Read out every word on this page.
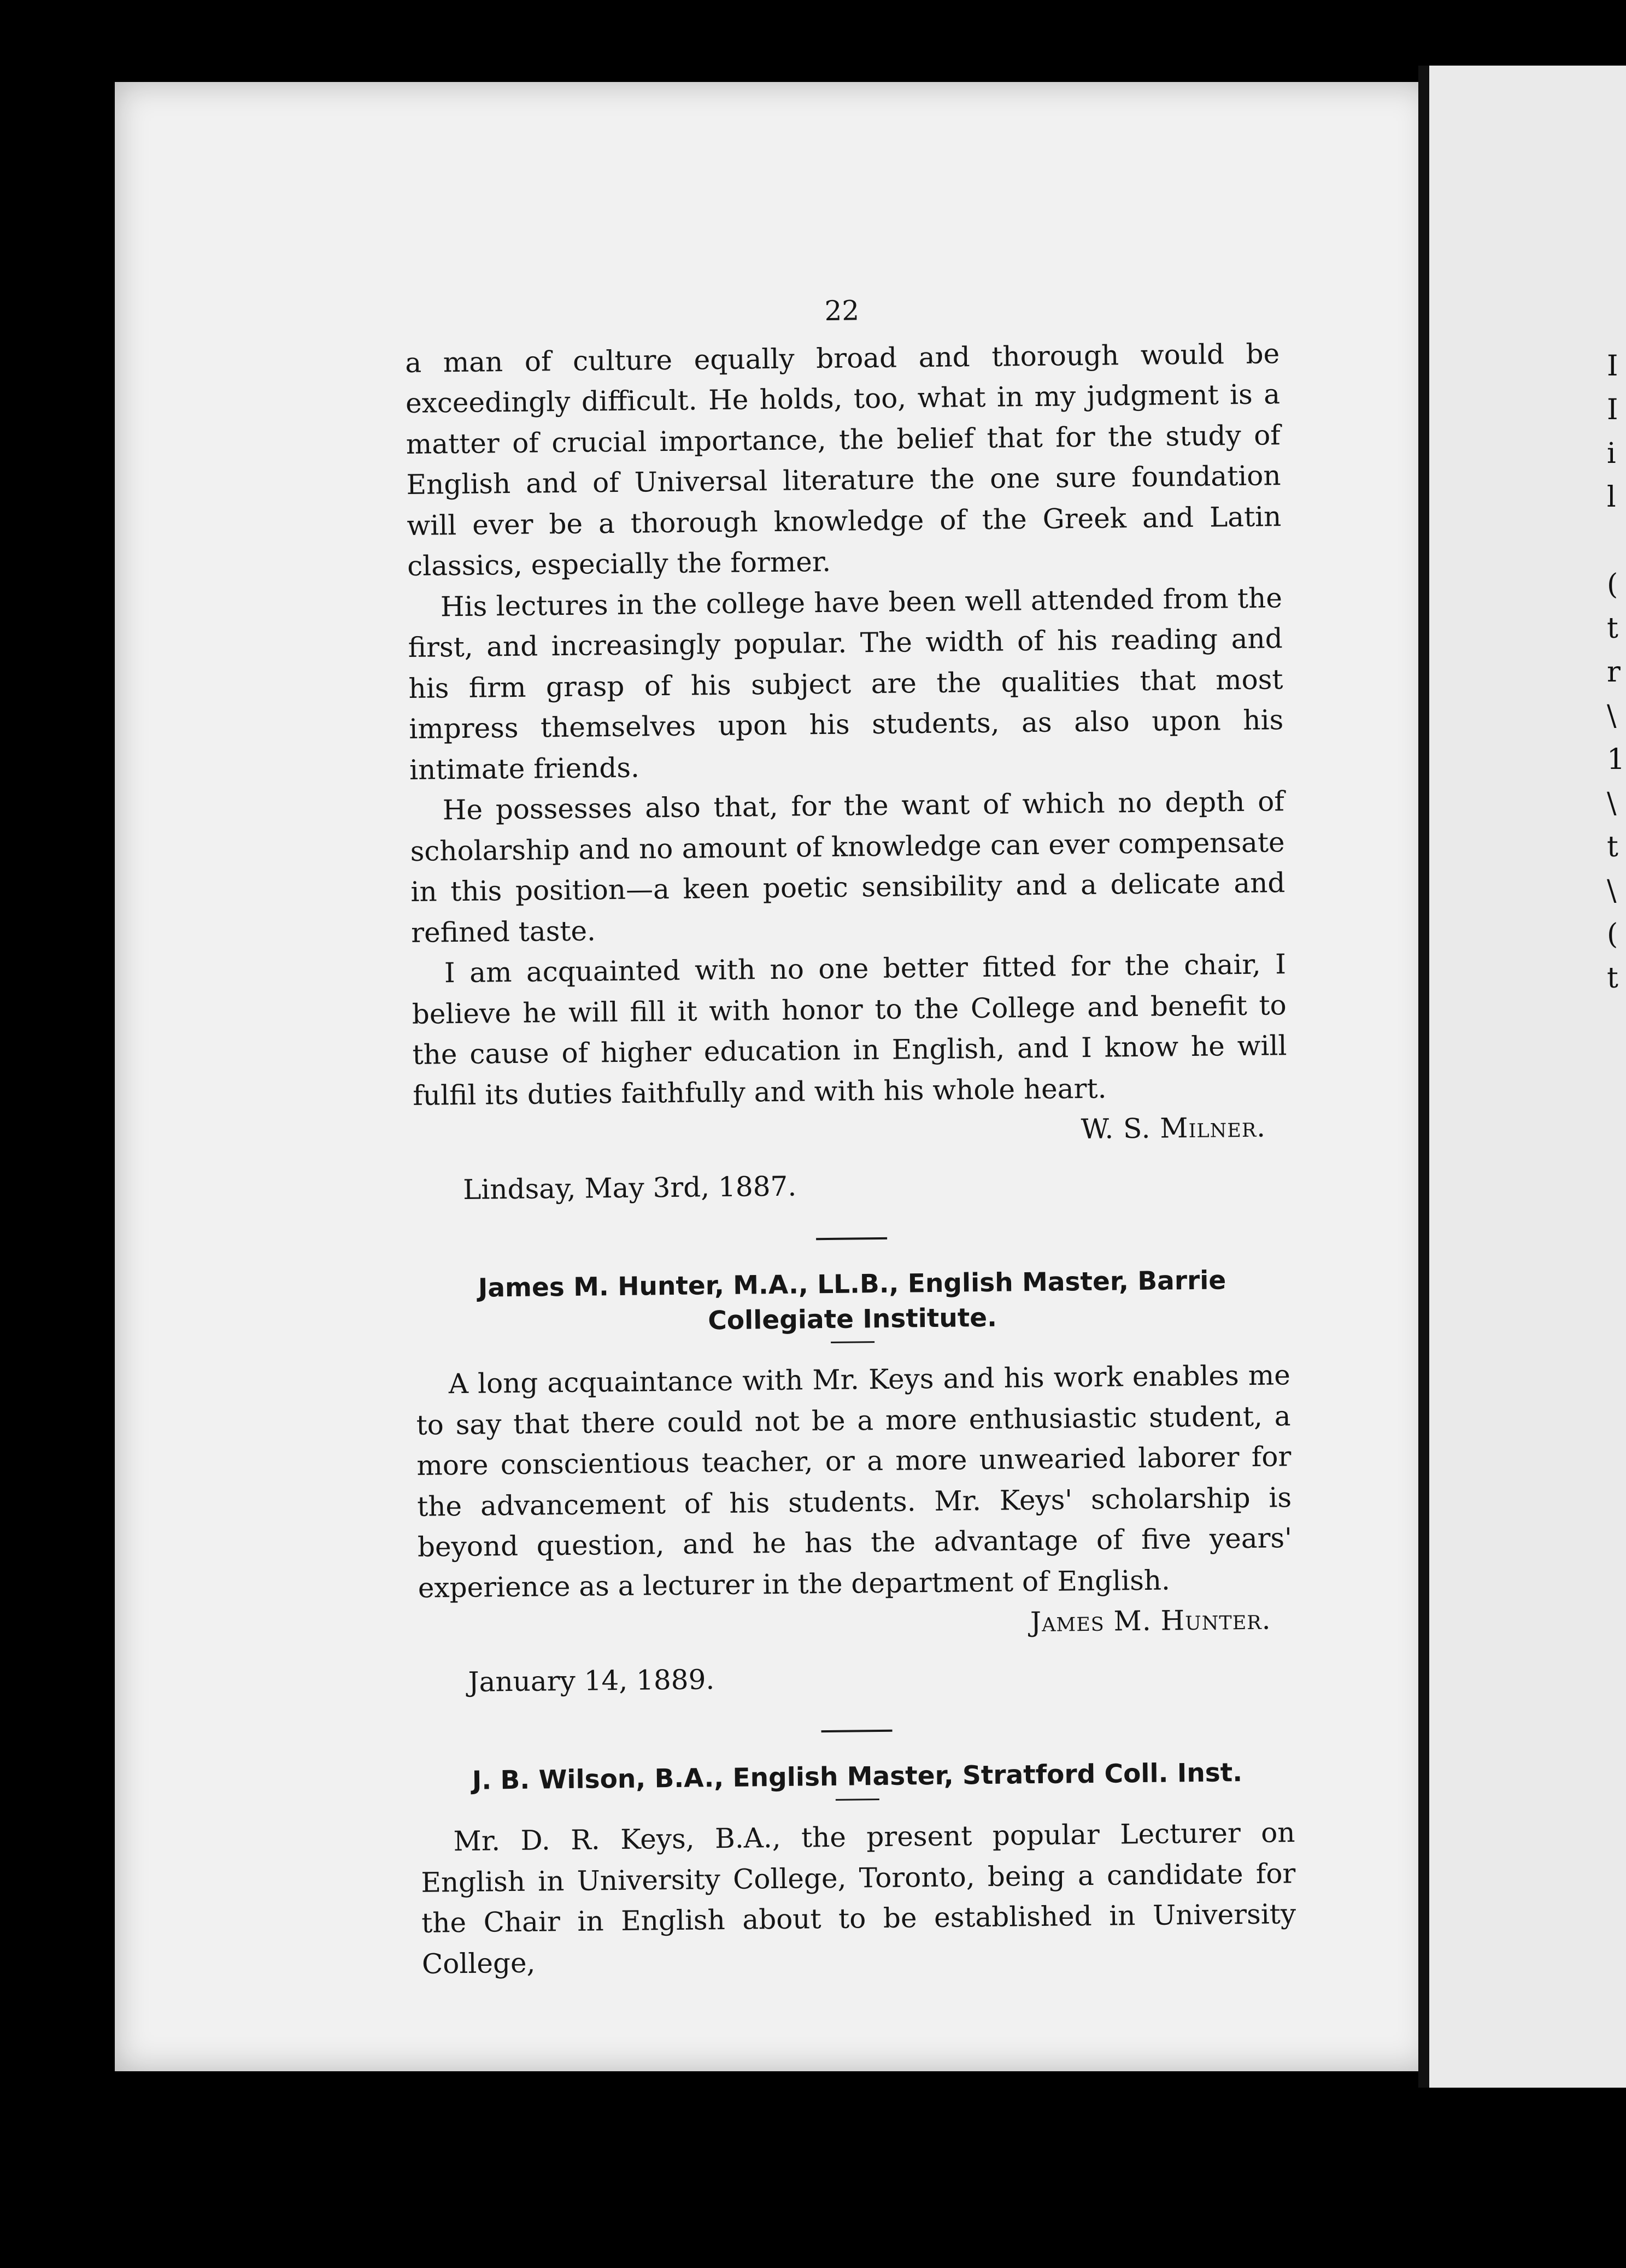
I
I
i
l

(
t
r
\
1
\
t
\
(
t

22

a man of culture equally broad and thorough would be exceedingly difficult. He holds, too, what in my judgment is a matter of crucial importance, the belief that for the study of English and of Universal literature the one sure foundation will ever be a thorough knowledge of the Greek and Latin classics, especially the former.

His lectures in the college have been well attended from the first, and increasingly popular. The width of his reading and his firm grasp of his subject are the qualities that most impress themselves upon his students, as also upon his intimate friends.

He possesses also that, for the want of which no depth of scholarship and no amount of knowledge can ever compensate in this position—a keen poetic sensibility and a delicate and refined taste.

I am acquainted with no one better fitted for the chair, I believe he will fill it with honor to the College and benefit to the cause of higher education in English, and I know he will fulfil its duties faithfully and with his whole heart.

W. S. Milner.
Lindsay, May 3rd, 1887.
James M. Hunter, M.A., LL.B., English Master, Barrie Collegiate Institute.

A long acquaintance with Mr. Keys and his work enables me to say that there could not be a more enthusiastic student, a more conscientious teacher, or a more unwearied laborer for the advancement of his students. Mr. Keys' scholarship is beyond question, and he has the advantage of five years' experience as a lecturer in the department of English.

James M. Hunter.
January 14, 1889.
J. B. Wilson, B.A., English Master, Stratford Coll. Inst.

Mr. D. R. Keys, B.A., the present popular Lecturer on English in University College, Toronto, being a candidate for the Chair in English about to be established in University College,
